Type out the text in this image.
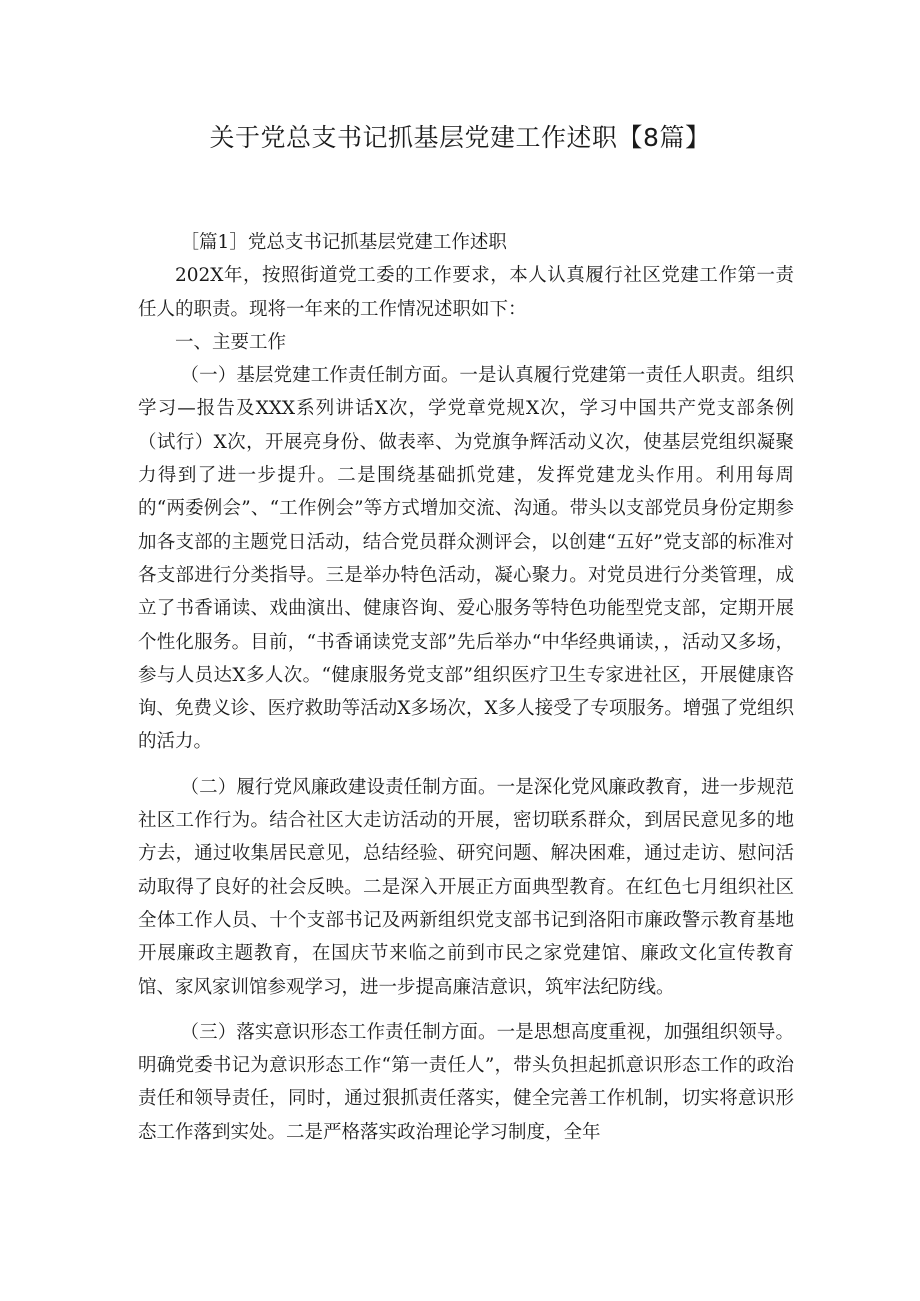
关于党总支书记抓基层党建工作述职【8篇】

［篇1］党总支书记抓基层党建工作述职

202X年，按照街道党工委的工作要求，本人认真履行社区党建工作第一责任人的职责。现将一年来的工作情况述职如下：

一、主要工作

（一）基层党建工作责任制方面。一是认真履行党建第一责任人职责。组织学习—报告及XXX系列讲话X次，学党章党规X次，学习中国共产党支部条例（试行）X次，开展亮身份、做表率、为党旗争辉活动义次，使基层党组织凝聚力得到了进一步提升。二是围绕基础抓党建，发挥党建龙头作用。利用每周的“两委例会”、“工作例会”等方式增加交流、沟通。带头以支部党员身份定期参加各支部的主题党日活动，结合党员群众测评会，以创建“五好”党支部的标准对各支部进行分类指导。三是举办特色活动，凝心聚力。对党员进行分类管理，成立了书香诵读、戏曲演出、健康咨询、爱心服务等特色功能型党支部，定期开展个性化服务。目前，“书香诵读党支部”先后举办“中华经典诵读，，活动又多场，参与人员达X多人次。“健康服务党支部”组织医疗卫生专家进社区，开展健康咨询、免费义诊、医疗救助等活动X多场次，X多人接受了专项服务。增强了党组织的活力。

（二）履行党风廉政建设责任制方面。一是深化党风廉政教育，进一步规范社区工作行为。结合社区大走访活动的开展，密切联系群众，到居民意见多的地方去，通过收集居民意见，总结经验、研究问题、解决困难，通过走访、慰问活动取得了良好的社会反映。二是深入开展正方面典型教育。在红色七月组织社区全体工作人员、十个支部书记及两新组织党支部书记到洛阳市廉政警示教育基地开展廉政主题教育，在国庆节来临之前到市民之家党建馆、廉政文化宣传教育馆、家风家训馆参观学习，进一步提高廉洁意识，筑牢法纪防线。

（三）落实意识形态工作责任制方面。一是思想高度重视，加强组织领导。明确党委书记为意识形态工作“第一责任人”，带头负担起抓意识形态工作的政治责任和领导责任，同时，通过狠抓责任落实，健全完善工作机制，切实将意识形态工作落到实处。二是严格落实政治理论学习制度，全年
